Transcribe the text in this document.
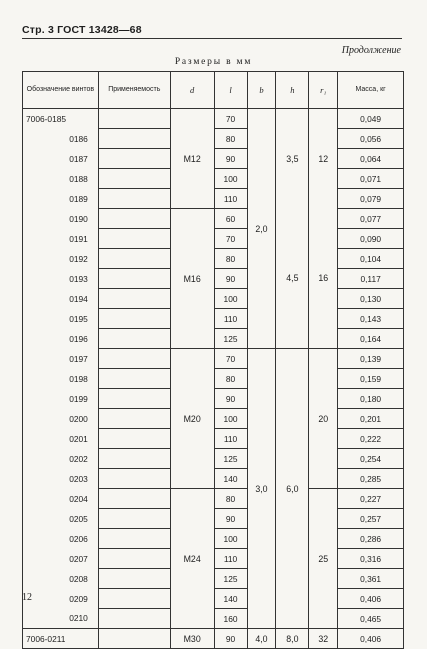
Стр. 3 ГОСТ 13428—68
Продолжение
Размеры в мм
Обозначение винтов	Применяемость	d	l	b	h	r₁	Масса, кг
7006-0185		M12	70	2,0	3,5	12	0,049
0186			80				0,056
0187			90				0,064
0188			100				0,071
0189			110				0,079
0190		M16	60		4,5	16	0,077
0191			70				0,090
0192			80				0,104
0193			90				0,117
0194			100				0,130
0195			110				0,143
0196			125				0,164
0197		M20	70	3,0	6,0	20	0,139
0198			80				0,159
0199			90				0,180
0200			100				0,201
0201			110				0,222
0202			125				0,254
0203			140				0,285
0204		M24	80			25	0,227
0205			90				0,257
0206			100				0,286
0207			110				0,316
0208			125				0,361
0209			140				0,406
0210			160				0,465
7006-0211		M30	90	4,0	8,0	32	0,406
12
